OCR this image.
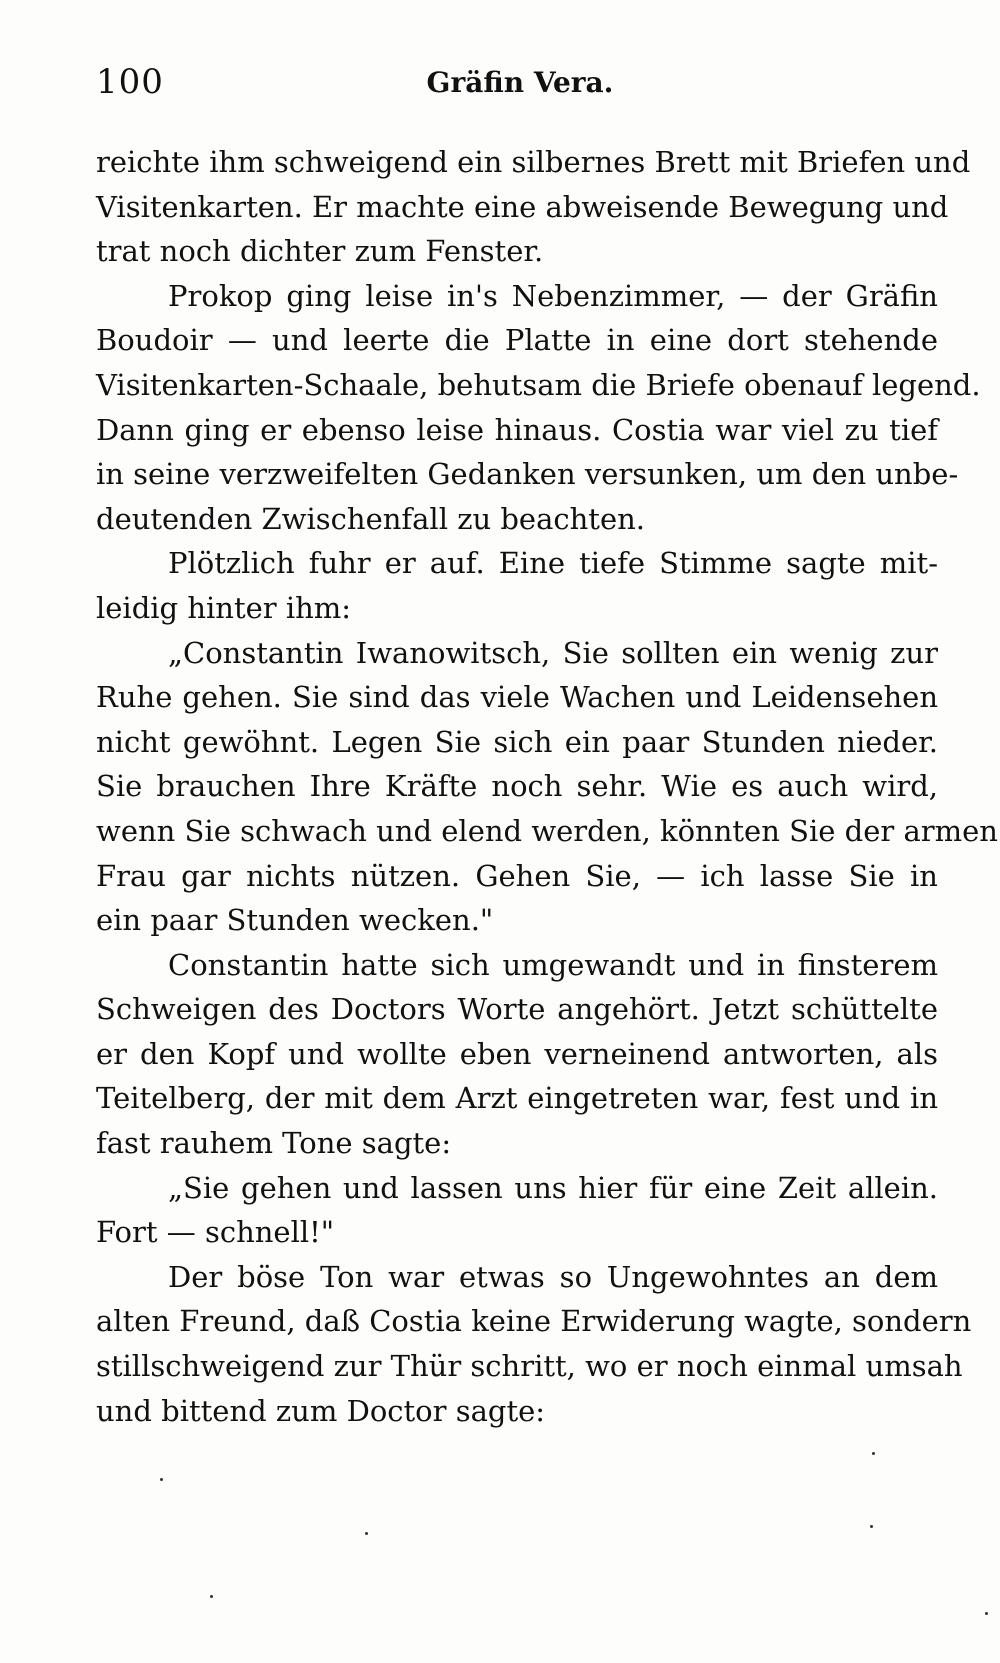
100	Gräfin Vera.
reichte ihm schweigend ein silbernes Brett mit Briefen und
Visitenkarten. Er machte eine abweisende Bewegung und
trat noch dichter zum Fenster.
Prokop ging leise in's Nebenzimmer, — der Gräfin
Boudoir — und leerte die Platte in eine dort stehende
Visitenkarten-Schaale, behutsam die Briefe obenauf legend.
Dann ging er ebenso leise hinaus. Costia war viel zu tief
in seine verzweifelten Gedanken versunken, um den unbe-
deutenden Zwischenfall zu beachten.
Plötzlich fuhr er auf. Eine tiefe Stimme sagte mit-
leidig hinter ihm:
„Constantin Iwanowitsch, Sie sollten ein wenig zur
Ruhe gehen. Sie sind das viele Wachen und Leidensehen
nicht gewöhnt. Legen Sie sich ein paar Stunden nieder.
Sie brauchen Ihre Kräfte noch sehr. Wie es auch wird,
wenn Sie schwach und elend werden, könnten Sie der armen
Frau gar nichts nützen. Gehen Sie, — ich lasse Sie in
ein paar Stunden wecken."
Constantin hatte sich umgewandt und in finsterem
Schweigen des Doctors Worte angehört. Jetzt schüttelte
er den Kopf und wollte eben verneinend antworten, als
Teitelberg, der mit dem Arzt eingetreten war, fest und in
fast rauhem Tone sagte:
„Sie gehen und lassen uns hier für eine Zeit allein.
Fort — schnell!"
Der böse Ton war etwas so Ungewohntes an dem
alten Freund, daß Costia keine Erwiderung wagte, sondern
stillschweigend zur Thür schritt, wo er noch einmal umsah
und bittend zum Doctor sagte:
